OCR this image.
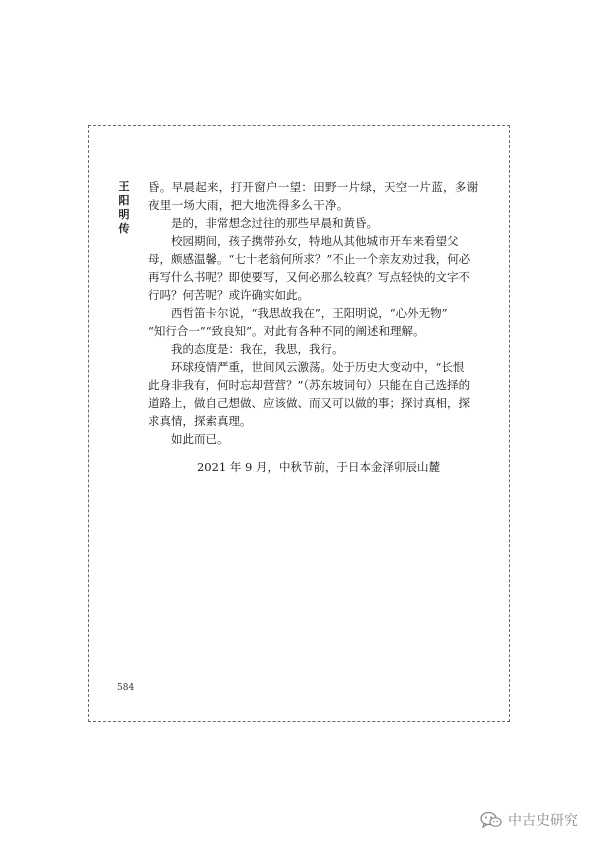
王阳明传
昏。早晨起来，打开窗户一望：田野一片绿，天空一片蓝，多谢
夜里一场大雨，把大地洗得多么干净。
是的，非常想念过往的那些早晨和黄昏。
校园期间，孩子携带孙女，特地从其他城市开车来看望父
母，颇感温馨。“七十老翁何所求？”不止一个亲友劝过我，何必
再写什么书呢？即使要写，又何必那么较真？写点轻快的文字不
行吗？何苦呢？或许确实如此。
西哲笛卡尔说，“我思故我在”，王阳明说，“心外无物”
“知行合一”“致良知”。对此有各种不同的阐述和理解。
我的态度是：我在，我思，我行。
环球疫情严重，世间风云激荡。处于历史大变动中，“长恨
此身非我有，何时忘却营营？”（苏东坡词句）只能在自己选择的
道路上，做自己想做、应该做、而又可以做的事；探讨真相，探
求真情，探索真理。
如此而已。
2021 年 9 月，中秋节前，于日本金泽卯辰山麓
584
中古史研究
